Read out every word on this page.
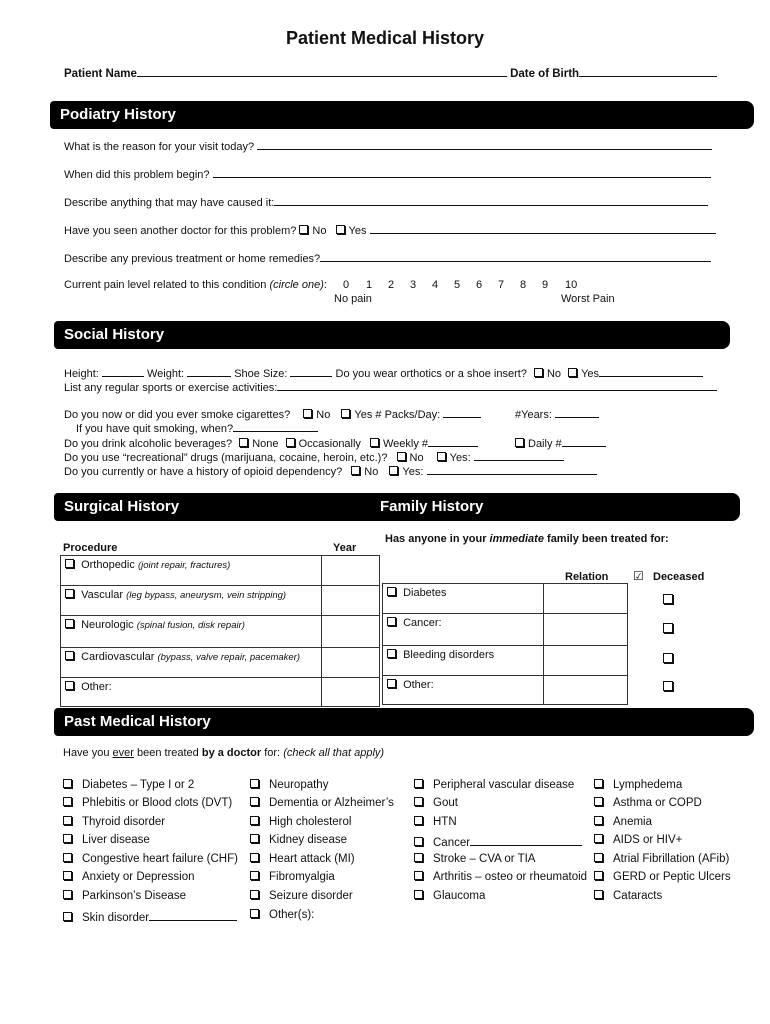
Patient Medical History
Patient Name	Date of Birth
Podiatry History
What is the reason for your visit today?
When did this problem begin?
Describe anything that may have caused it:
Have you seen another doctor for this problem? No Yes
Describe any previous treatment or home remedies?
Current pain level related to this condition (circle one): 0 1 2 3 4 5 6 7 8 9 10
No pain	Worst Pain
Social History
Height:	Weight:	Shoe Size:	Do you wear orthotics or a shoe insert? No Yes
List any regular sports or exercise activities:
Do you now or did you ever smoke cigarettes? No Yes # Packs/Day:	#Years:
If you have quit smoking, when?
Do you drink alcoholic beverages? None Occasionally Weekly #	Daily #
Do you use “recreational” drugs (marijuana, cocaine, heroin, etc.)? No Yes:
Do you currently or have a history of opioid dependency? No Yes:
Surgical History	Family History
Procedure	Year
Orthopedic (joint repair, fractures)	

Vascular (leg bypass, aneurysm, vein stripping)	

Neurologic (spinal fusion, disk repair)	

Cardiovascular (bypass, valve repair, pacemaker)	

Other:	

Has anyone in your immediate family been treated for:
Relation ☑ Deceased
Diabetes	

Cancer:	

Bleeding disorders	

Other:	

Past Medical History
Have you ever been treated by a doctor for: (check all that apply)
Diabetes – Type I or 2
Phlebitis or Blood clots (DVT)
Thyroid disorder
Liver disease
Congestive heart failure (CHF)
Anxiety or Depression
Parkinson’s Disease
Skin disorder
Neuropathy
Dementia or Alzheimer’s
High cholesterol
Kidney disease
Heart attack (MI)
Fibromyalgia
Seizure disorder
Other(s):
Peripheral vascular disease
Gout
HTN
Cancer
Stroke – CVA or TIA
Arthritis – osteo or rheumatoid
Glaucoma
Lymphedema
Asthma or COPD
Anemia
AIDS or HIV+
Atrial Fibrillation (AFib)
GERD or Peptic Ulcers
Cataracts
